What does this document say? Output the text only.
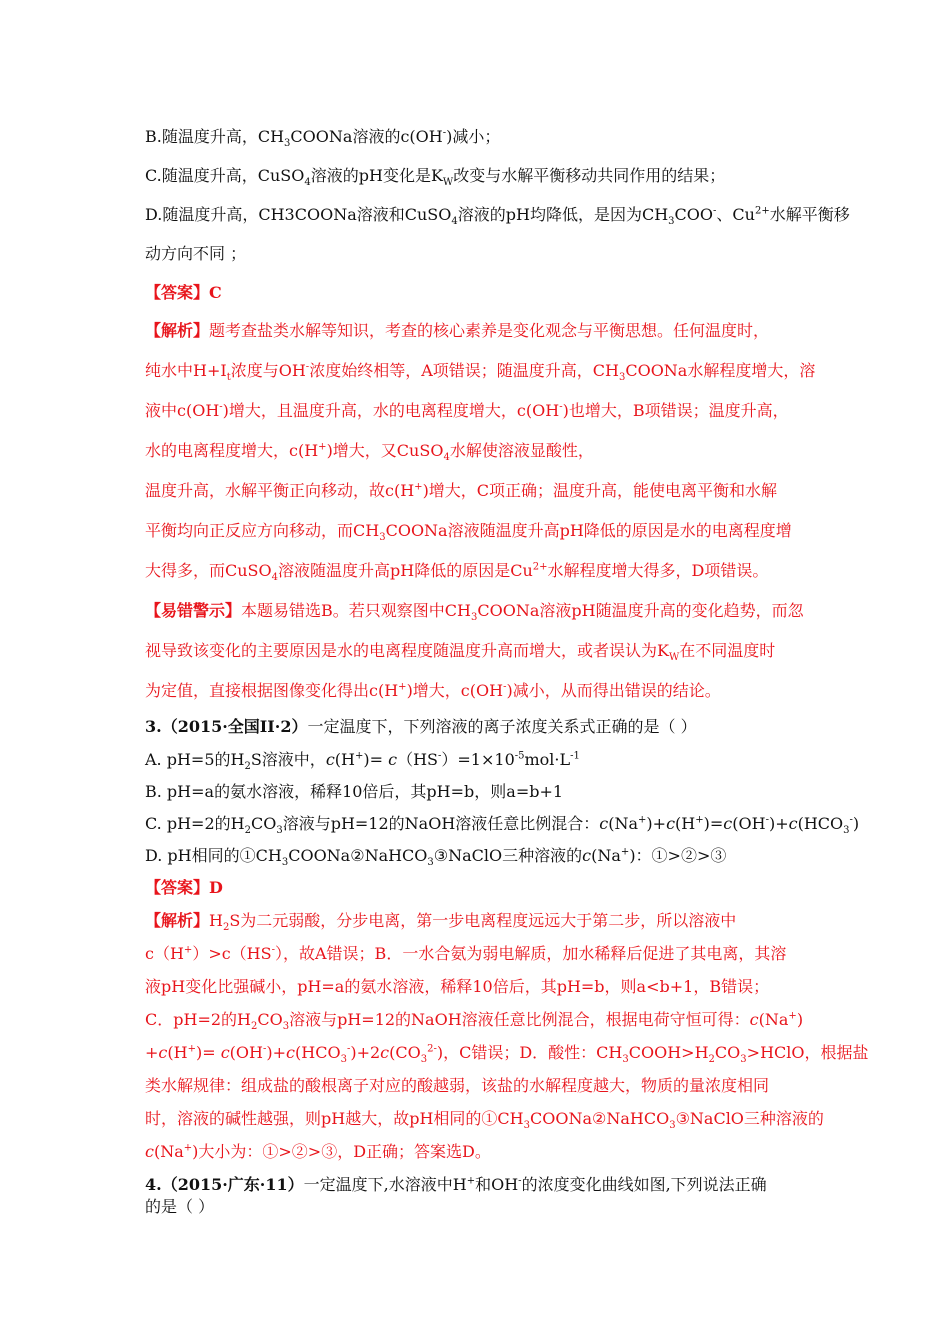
B.随温度升高，$CH_3COONa$溶液的c(OH-)减小；
C.随温度升高，CuSO$_4$溶液的pH变化是$K_W$改变与水解平衡移动共同作用的结果；
D.随温度升高，CH3COONa溶液和CuSO$_4$溶液的pH均降低，是因为$CH_3COO^-$、$Cu^{2+}$水解平衡移
动方向不同 ；
【答案】C
【解析】题考查盐类水解等知识，考查的核心素养是变化观念与平衡思想。任何温度时，
纯水中$H+I_t$浓度与OH-浓度始终相等，A项错误；随温度升高，$CH_3COONa$水解程度增大，溶
液中c(OH-)增大，且温度升高，水的电离程度增大，c(OH-)也增大，B项错误；温度升高，
水的电离程度增大，c(H+)增大，又CuSO$_4$水解使溶液显酸性，
温度升高，水解平衡正向移动，故c(H+)增大，C项正确；温度升高，能使电离平衡和水解
平衡均向正反应方向移动，而$CH_3COONa$溶液随温度升高pH降低的原因是水的电离程度增
大得多，而CuSO$_4$溶液随温度升高pH降低的原因是$Cu^{2+}$水解程度增大得多，D项错误。
【易错警示】本题易错选B。若只观察图中$CH_3COONa$溶液pH随温度升高的变化趋势，而忽
视导致该变化的主要原因是水的电离程度随温度升高而增大，或者误认为$K_W$在不同温度时
为定值，直接根据图像变化得出c(H+)增大，c(OH-)减小，从而得出错误的结论。
3.（2015·全国II·2）一定温度下，下列溶液的离子浓度关系式正确的是（ ）
A. pH=5的$H_2S$溶液中，$c(H^+)= c(HS^-)=1\times 10^{-5}mol\cdot L^{-1}$
B. pH=a的氨水溶液，稀释10倍后，其pH=b，则a=b+1
C. pH=2的$H_2CO_3$溶液与pH=12的NaOH溶液任意比例混合：$c(Na^+)+c(H^+)=c(OH^-)+c(HCO_3^-)$
D. pH相同的$①CH_3COONa②NaHCO_3③NaClO$三种溶液的c(Na+)：①>②>③
【答案】D
【解析】$H_2S$为二元弱酸，分步电离，第一步电离程度远远大于第二步，所以溶液中
c（H+）>c（HS-），故A错误；B．一水合氨为弱电解质，加水稀释后促进了其电离，其溶
液pH变化比强碱小，pH=a的氨水溶液，稀释10倍后，其pH=b，则a<b+1，B错误；
C．pH=2的$H_2CO_3$溶液与pH=12的NaOH溶液任意比例混合，根据电荷守恒可得：c(Na+)
$+c(H^+)= c(OH^-)+c(HCO_3^-)+2c(CO_3^{2-})$，C错误；D．酸性：$CH_3COOH>H_2CO_3>HClO$，根据盐
类水解规律：组成盐的酸根离子对应的酸越弱，该盐的水解程度越大，物质的量浓度相同
时，溶液的碱性越强，则pH越大，故pH相同的$①CH_3COONa②NaHCO_3③NaClO$三种溶液的
c(Na+)大小为：①>②>③，D正确；答案选D。
4.（2015·广东·11）一定温度下,水溶液中H+和OH-的浓度变化曲线如图,下列说法正确
的是（ ）
